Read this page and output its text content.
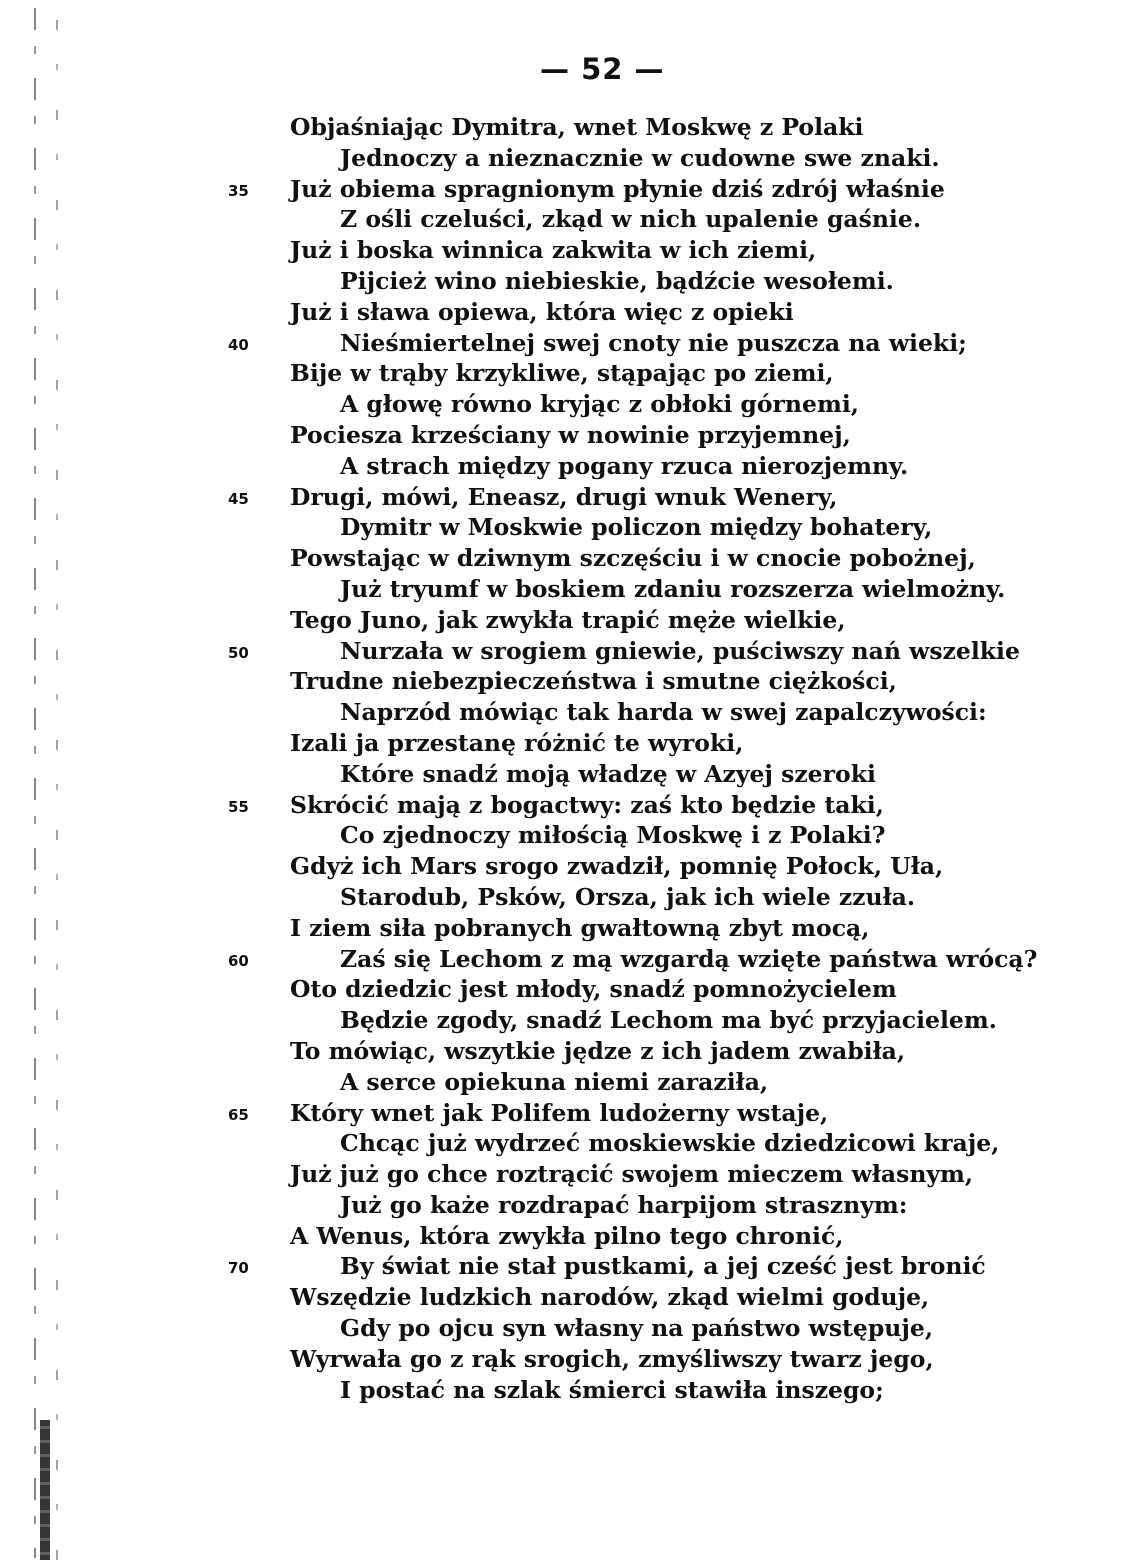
— 52 —
Objaśniając Dymitra, wnet Moskwę z Polaki
Jednoczy a nieznacznie w cudowne swe znaki.
35 Już obiema spragnionym płynie dziś zdrój właśnie
Z ośli czeluści, zkąd w nich upalenie gaśnie.
Już i boska winnica zakwita w ich ziemi,
Pijcież wino niebieskie, bądźcie wesołemi.
Już i sława opiewa, która więc z opieki
40	Nieśmiertelnej swej cnoty nie puszcza na wieki;
Bije w trąby krzykliwe, stąpając po ziemi,
A głowę równo kryjąc z obłoki górnemi,
Pociesza krześciany w nowinie przyjemnej,
A strach między pogany rzuca nierozjemny.
45 Drugi, mówi, Eneasz, drugi wnuk Wenery,
Dymitr w Moskwie policzon między bohatery,
Powstając w dziwnym szczęściu i w cnocie pobożnej,
Już tryumf w boskiem zdaniu rozszerza wielmożny.
Tego Juno, jak zwykła trapić męże wielkie,
50	Nurzała w srogiem gniewie, puściwszy nań wszelkie
Trudne niebezpieczeństwa i smutne ciężkości,
Naprzód mówiąc tak harda w swej zapalczywości:
Izali ja przestanę różnić te wyroki,
Które snadź moją władzę w Azyej szeroki
55 Skrócić mają z bogactwy: zaś kto będzie taki,
Co zjednoczy miłością Moskwę i z Polaki?
Gdyż ich Mars srogo zwadził, pomnię Połock, Uła,
Starodub, Psków, Orsza, jak ich wiele zzuła.
I ziem siła pobranych gwałtowną zbyt mocą,
60	Zaś się Lechom z mą wzgardą wzięte państwa wrócą?
Oto dziedzic jest młody, snadź pomnożycielem
Będzie zgody, snadź Lechom ma być przyjacielem.
To mówiąc, wszytkie jędze z ich jadem zwabiła,
A serce opiekuna niemi zaraziła,
65 Który wnet jak Polifem ludożerny wstaje,
Chcąc już wydrzeć moskiewskie dziedzicowi kraje,
Już już go chce roztrącić swojem mieczem własnym,
Już go każe rozdrapać harpijom strasznym:
A Wenus, która zwykła pilno tego chronić,
70	By świat nie stał pustkami, a jej cześć jest bronić
Wszędzie ludzkich narodów, zkąd wielmi goduje,
Gdy po ojcu syn własny na państwo wstępuje,
Wyrwała go z rąk srogich, zmyśliwszy twarz jego,
I postać na szlak śmierci stawiła inszego;
